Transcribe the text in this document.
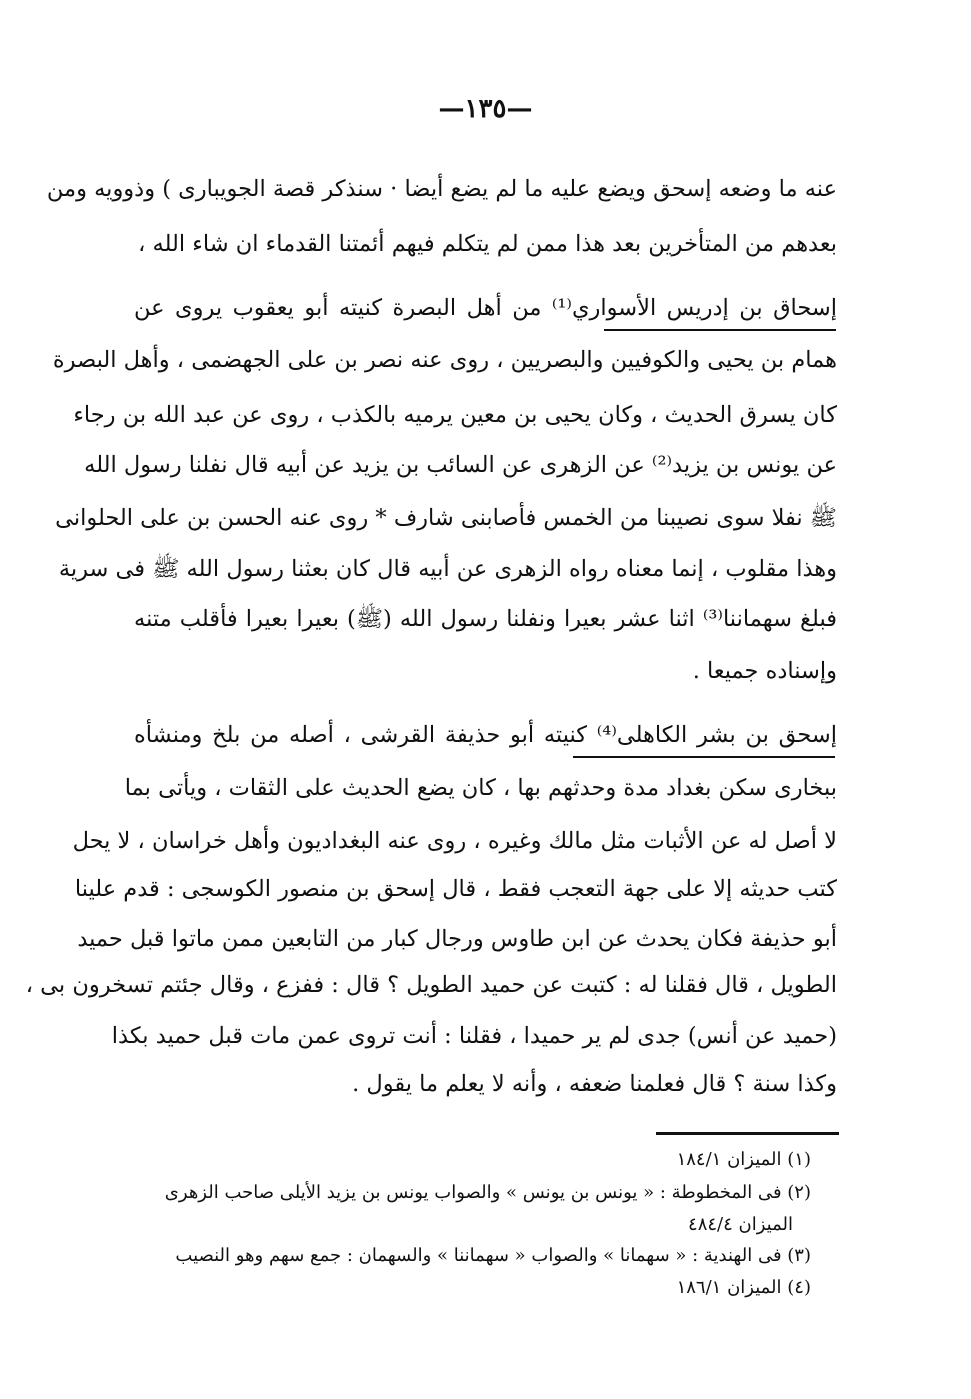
—١٣٥—
عنه ما وضعه إسحق ويضع عليه ما لم يضع أيضا · سنذكر قصة الجويبارى ) وذوويه ومن
بعدهم من المتأخرين بعد هذا ممن لم يتكلم فيهم أئمتنا القدماء ان شاء الله ،
إسحاق بن إدريس الأسواري⁽¹⁾ من أهل البصرة كنيته أبو يعقوب يروى عن
همام بن يحيى والكوفيين والبصريين ، روى عنه نصر بن على الجهضمى ، وأهل البصرة
كان يسرق الحديث ، وكان يحيى بن معين يرميه بالكذب ، روى عن عبد الله بن رجاء
عن يونس بن يزيد⁽²⁾ عن الزهرى عن السائب بن يزيد عن أبيه قال نفلنا رسول الله
ﷺ نفلا سوى نصيبنا من الخمس فأصابنى شارف * روى عنه الحسن بن على الحلوانى
وهذا مقلوب ، إنما معناه رواه الزهرى عن أبيه قال كان بعثنا رسول الله ﷺ فى سرية
فبلغ سهماننا⁽³⁾ اثنا عشر بعيرا ونفلنا رسول الله (ﷺ) بعيرا بعيرا فأقلب متنه
وإسناده جميعا .
إسحق بن بشر الكاهلى⁽⁴⁾ كنيته أبو حذيفة القرشى ، أصله من بلخ ومنشأه
ببخارى سكن بغداد مدة وحدثهم بها ، كان يضع الحديث على الثقات ، ويأتى بما
لا أصل له عن الأثبات مثل مالك وغيره ، روى عنه البغداديون وأهل خراسان ، لا يحل
كتب حديثه إلا على جهة التعجب فقط ، قال إسحق بن منصور الكوسجى : قدم علينا
أبو حذيفة فكان يحدث عن ابن طاوس ورجال كبار من التابعين ممن ماتوا قبل حميد
الطويل ، قال فقلنا له : كتبت عن حميد الطويل ؟ قال : ففزع ، وقال جئتم تسخرون بى ،
(حميد عن أنس) جدى لم ير حميدا ، فقلنا : أنت تروى عمن مات قبل حميد بكذا
وكذا سنة ؟ قال فعلمنا ضعفه ، وأنه لا يعلم ما يقول .
(١) الميزان ١٨٤/١
(٢) فى المخطوطة : « يونس بن يونس » والصواب يونس بن يزيد الأيلى صاحب الزهرى
الميزان ٤٨٤/٤
(٣) فى الهندية : « سهمانا » والصواب « سهماننا » والسهمان : جمع سهم وهو النصيب
(٤) الميزان ١٨٦/١
